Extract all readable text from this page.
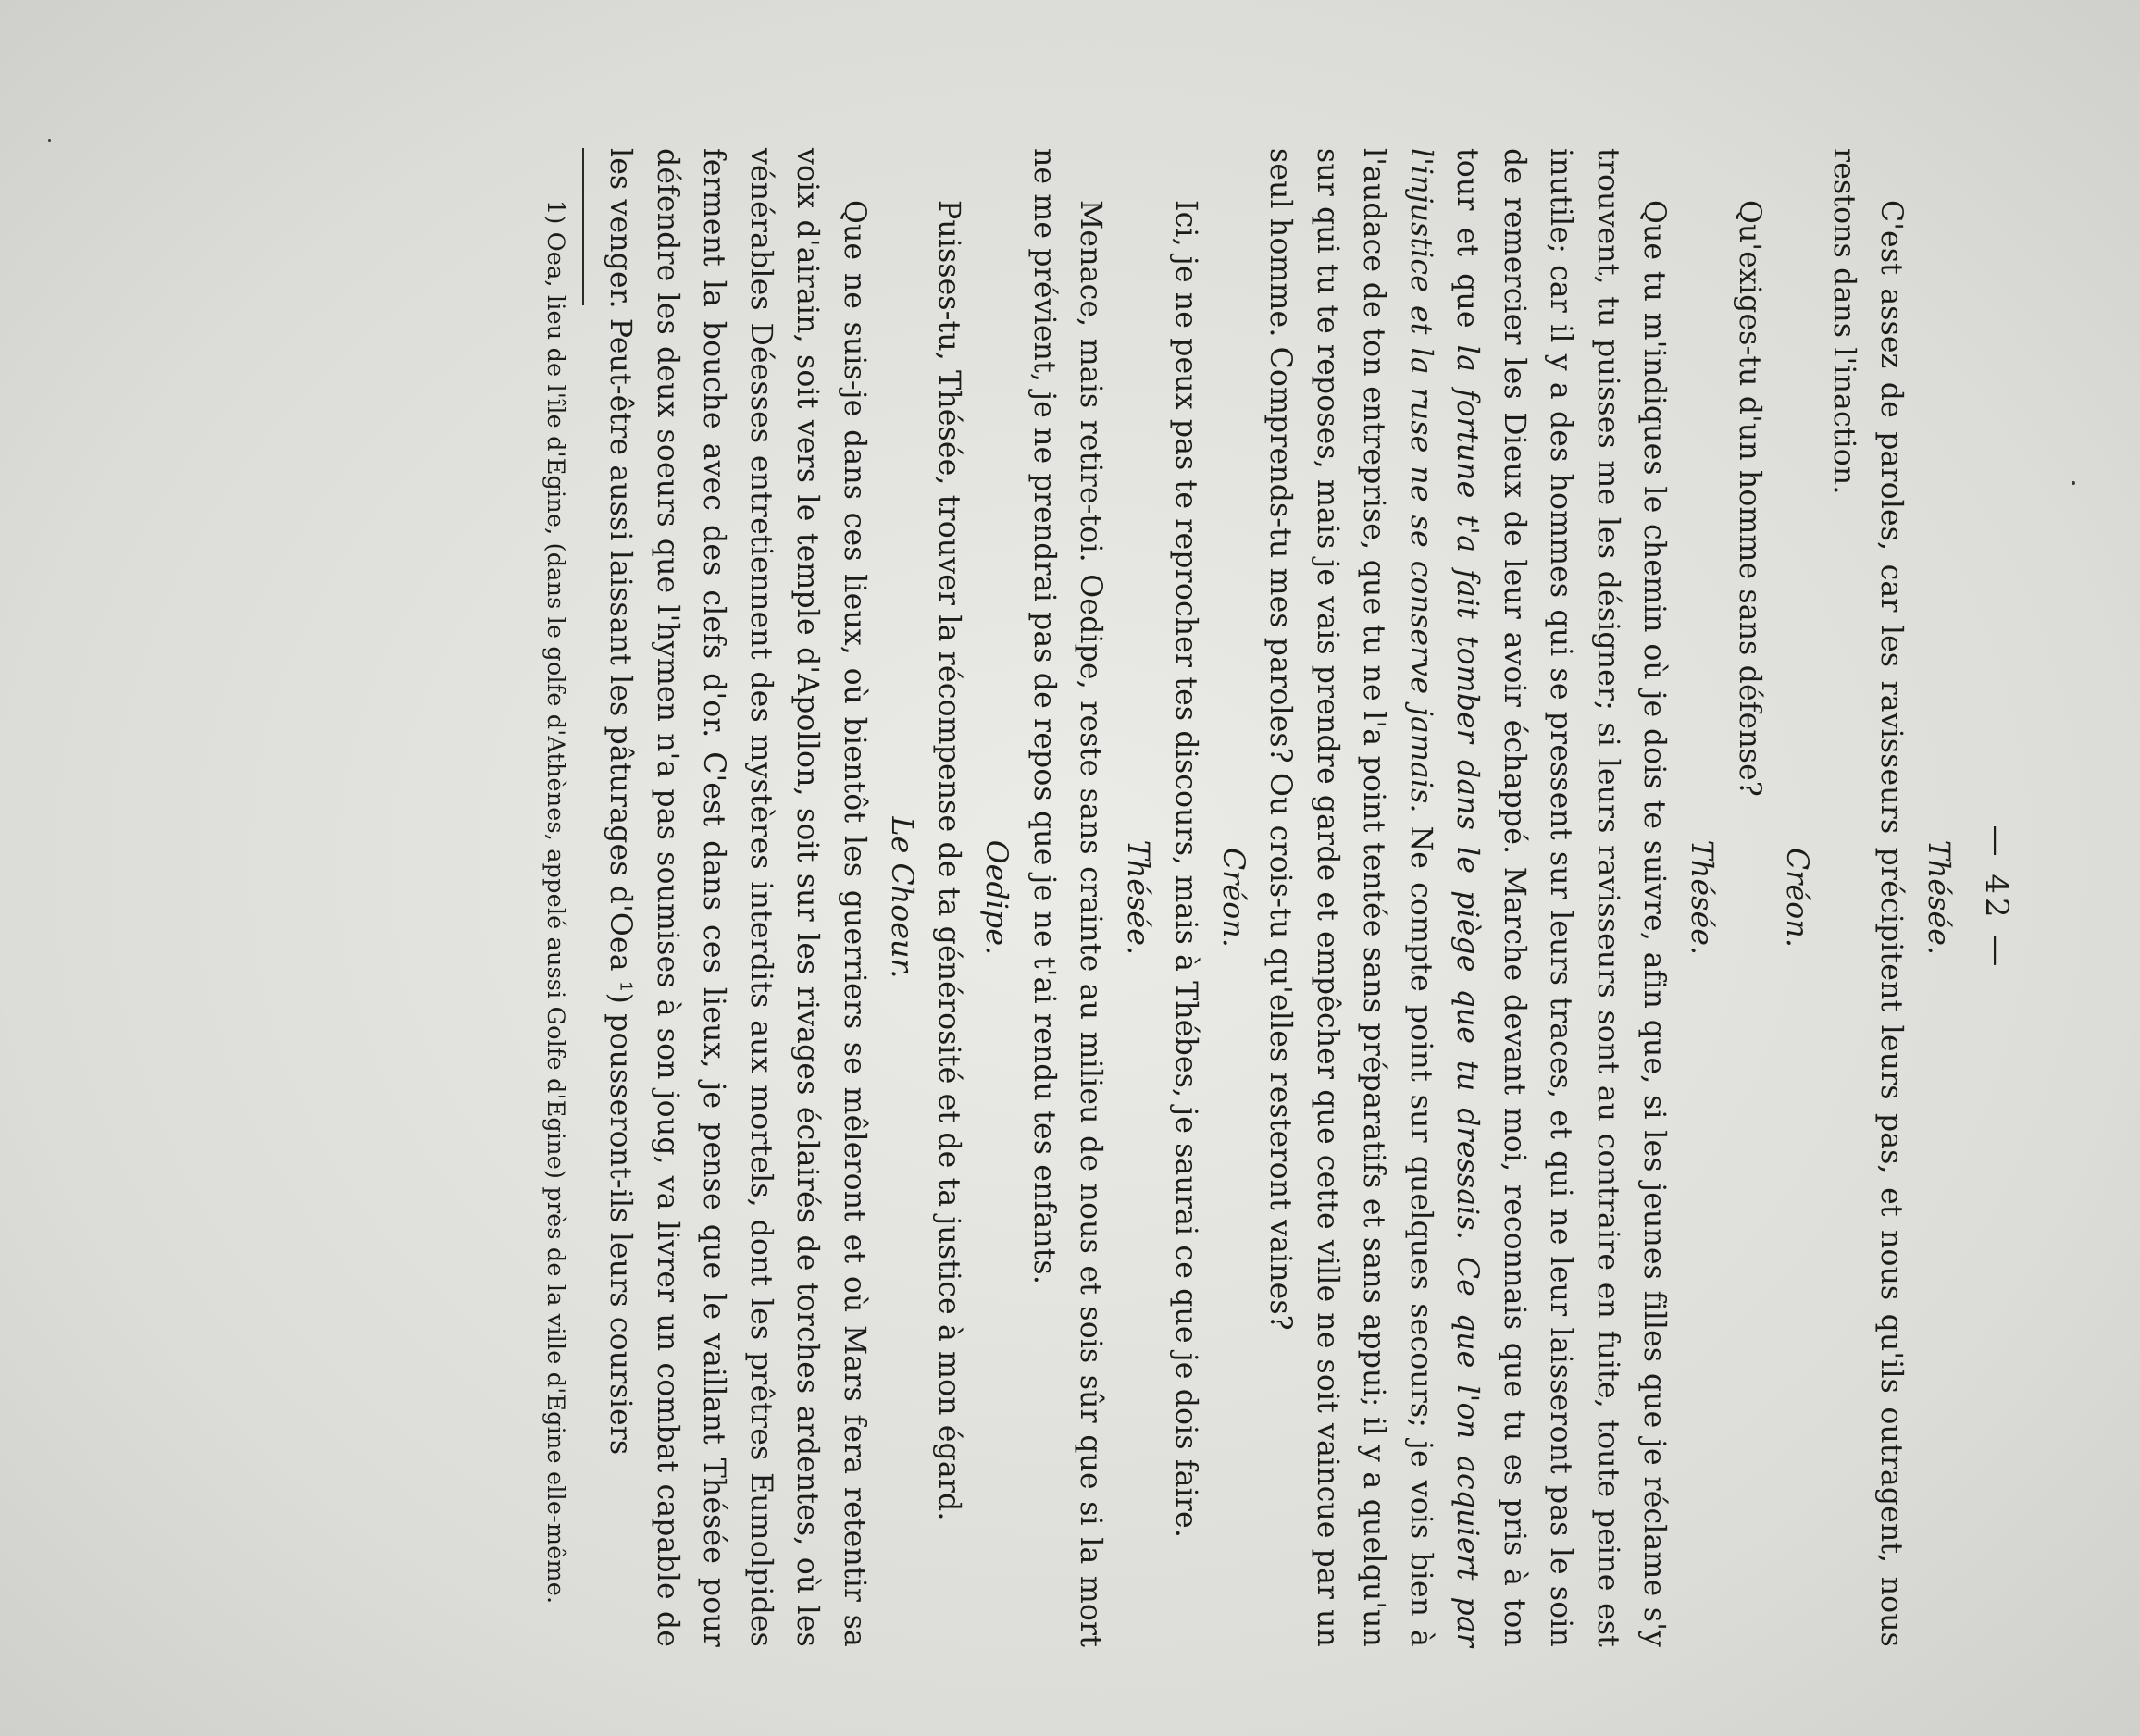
— 42 —
Thésée.

C'est assez de paroles, car les ravisseurs précipitent leurs pas, et nous qu'ils outragent, nous restons dans l'inaction.

Créon.

Qu'exiges-tu d'un homme sans défense?

Thésée.

Que tu m'indiques le chemin où je dois te suivre, afin que, si les jeunes filles que je réclame s'y trouvent, tu puisses me les désigner; si leurs ravisseurs sont au contraire en fuite, toute peine est inutile; car il y a des hommes qui se pressent sur leurs traces, et qui ne leur laisseront pas le soin de remercier les Dieux de leur avoir échappé. Marche devant moi, reconnais que tu es pris à ton tour et que la fortune t'a fait tomber dans le piège que tu dressais. Ce que l'on acquiert par l'injustice et la ruse ne se conserve jamais. Ne compte point sur quelques secours; je vois bien à l'audace de ton entreprise, que tu ne l'a point tentée sans préparatifs et sans appui; il y a quelqu'un sur qui tu te reposes, mais je vais prendre garde et empêcher que cette ville ne soit vaincue par un seul homme. Comprends-tu mes paroles? Ou crois-tu qu'elles resteront vaines?

Créon.

Ici, je ne peux pas te reprocher tes discours, mais à Thébes, je saurai ce que je dois faire.

Thésée.

Menace, mais retire-toi. Oedipe, reste sans crainte au milieu de nous et sois sûr que si la mort ne me prévient, je ne prendrai pas de repos que je ne t'ai rendu tes enfants.

Oedipe.

Puisses-tu, Thésée, trouver la récompense de ta générosité et de ta justice à mon égard.

Le Choeur.

Que ne suis-je dans ces lieux, où bientôt les guerriers se mêleront et où Mars fera retentir sa voix d'airain, soit vers le temple d'Apollon, soit sur les rivages éclairés de torches ardentes, où les vénérables Déesses entretiennent des mystères interdits aux mortels, dont les prêtres Eumolpides ferment la bouche avec des clefs d'or. C'est dans ces lieux, je pense que le vaillant Thésée pour défendre les deux soeurs que l'hymen n'a pas soumises à son joug, va livrer un combat capable de les venger. Peut-être aussi laissant les pâturages d'Oea ¹) pousseront-ils leurs coursiers

1) Oea, lieu de l'île d'Egine, (dans le golfe d'Athènes, appelé aussi Golfe d'Egine) près de la ville d'Egine elle-même.
